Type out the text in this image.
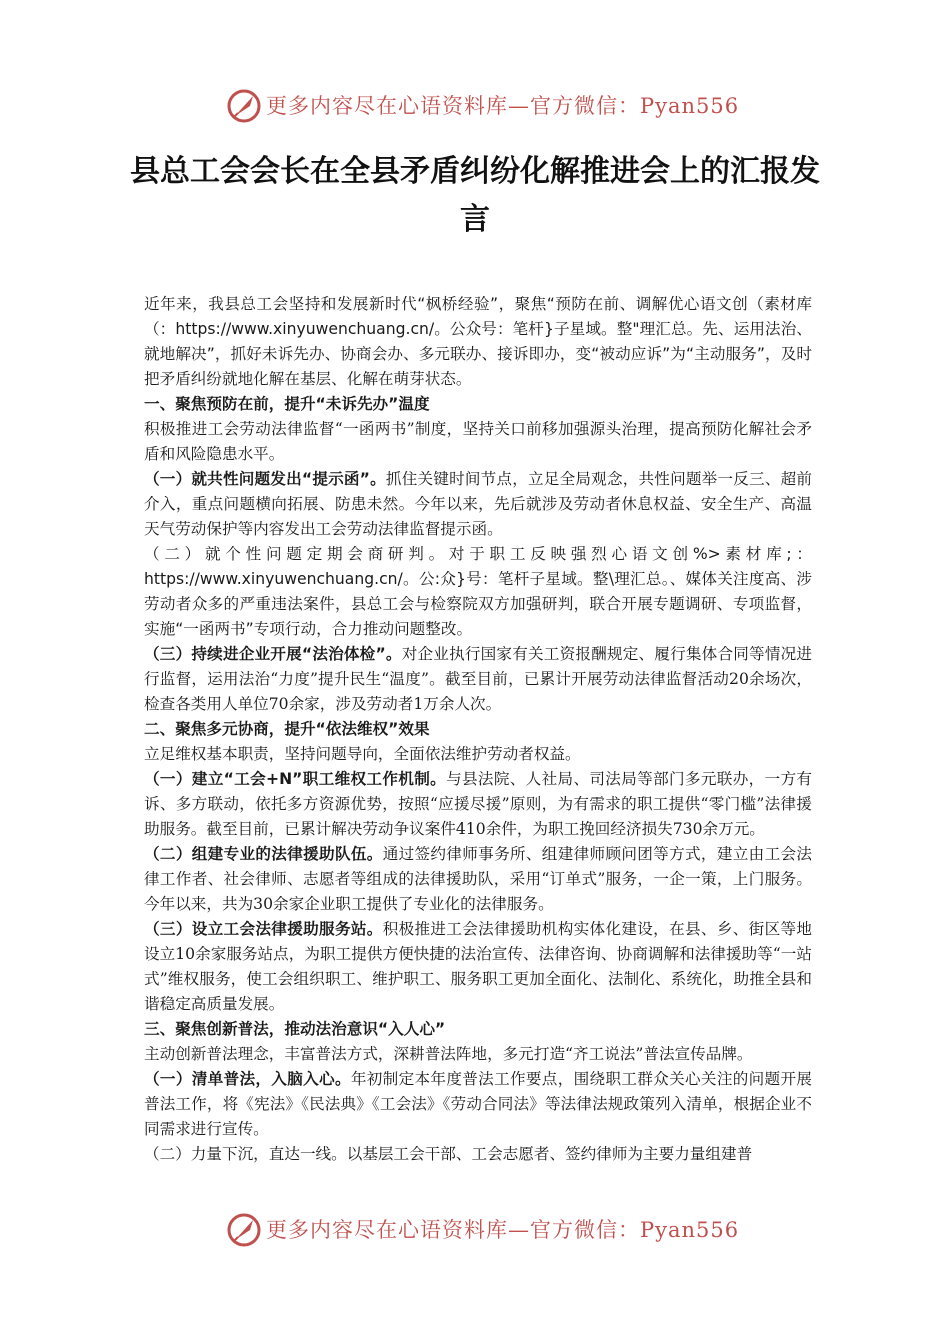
更多内容尽在心语资料库—官方微信：Pyan556
县总工会会长在全县矛盾纠纷化解推进会上的汇报发言

近年来，我县总工会坚持和发展新时代“枫桥经验”，聚焦“预防在前、调解优心语文创（素材库（：https://www.xinyuwenchuang.cn/。公众号：笔杆}子星域。整"理汇总。先、运用法治、就地解决”，抓好未诉先办、协商会办、多元联办、接诉即办，变“被动应诉”为“主动服务”，及时把矛盾纠纷就地化解在基层、化解在萌芽状态。

一、聚焦预防在前，提升“未诉先办”温度

积极推进工会劳动法律监督“一函两书”制度，坚持关口前移加强源头治理，提高预防化解社会矛盾和风险隐患水平。

（一）就共性问题发出“提示函”。抓住关键时间节点，立足全局观念，共性问题举一反三、超前介入，重点问题横向拓展、防患未然。今年以来，先后就涉及劳动者休息权益、安全生产、高温天气劳动保护等内容发出工会劳动法律监督提示函。

（二）就个性问题定期会商研判。对于职工反映强烈心语文创%>素材库;：https://www.xinyuwenchuang.cn/。公:众}号：笔杆子星域。整\理汇总。、媒体关注度高、涉劳动者众多的严重违法案件，县总工会与检察院双方加强研判，联合开展专题调研、专项监督，实施“一函两书”专项行动，合力推动问题整改。

（三）持续进企业开展“法治体检”。对企业执行国家有关工资报酬规定、履行集体合同等情况进行监督，运用法治“力度”提升民生“温度”。截至目前，已累计开展劳动法律监督活动20余场次，检查各类用人单位70余家，涉及劳动者1万余人次。

二、聚焦多元协商，提升“依法维权”效果

立足维权基本职责，坚持问题导向，全面依法维护劳动者权益。

（一）建立“工会+N”职工维权工作机制。与县法院、人社局、司法局等部门多元联办，一方有诉、多方联动，依托多方资源优势，按照“应援尽援”原则，为有需求的职工提供“零门槛”法律援助服务。截至目前，已累计解决劳动争议案件410余件，为职工挽回经济损失730余万元。

（二）组建专业的法律援助队伍。通过签约律师事务所、组建律师顾问团等方式，建立由工会法律工作者、社会律师、志愿者等组成的法律援助队，采用“订单式”服务，一企一策，上门服务。今年以来，共为30余家企业职工提供了专业化的法律服务。

（三）设立工会法律援助服务站。积极推进工会法律援助机构实体化建设，在县、乡、街区等地设立10余家服务站点，为职工提供方便快捷的法治宣传、法律咨询、协商调解和法律援助等“一站式”维权服务，使工会组织职工、维护职工、服务职工更加全面化、法制化、系统化，助推全县和谐稳定高质量发展。

三、聚焦创新普法，推动法治意识“入人心”

主动创新普法理念，丰富普法方式，深耕普法阵地，多元打造“齐工说法”普法宣传品牌。

（一）清单普法，入脑入心。年初制定本年度普法工作要点，围绕职工群众关心关注的问题开展普法工作，将《宪法》《民法典》《工会法》《劳动合同法》等法律法规政策列入清单，根据企业不同需求进行宣传。

（二）力量下沉，直达一线。以基层工会干部、工会志愿者、签约律师为主要力量组建普

更多内容尽在心语资料库—官方微信：Pyan556
